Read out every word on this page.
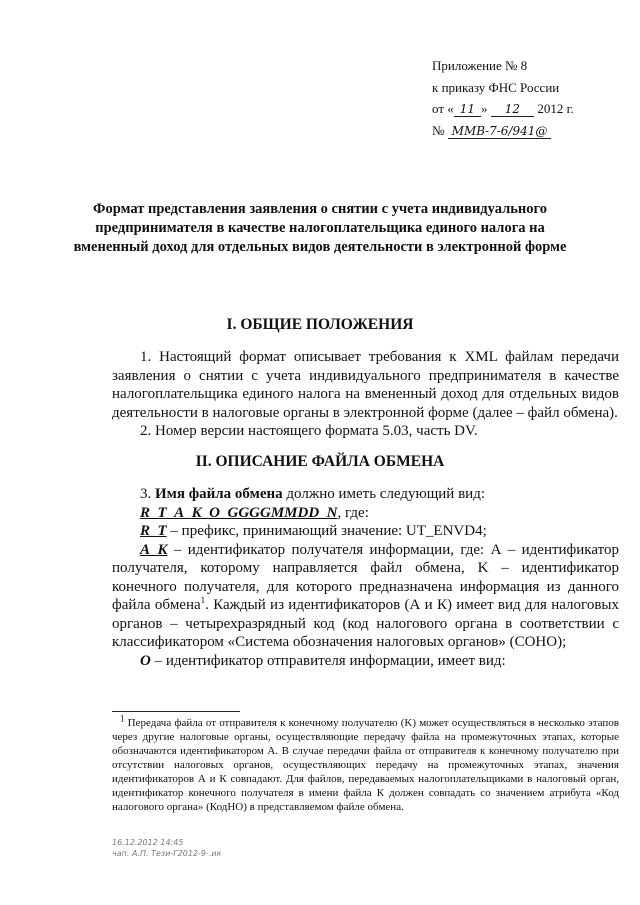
Приложение № 8
к приказу ФНС России
от « 11 » 12 2012 г.
№ ММВ-7-6/941@
Формат представления заявления о снятии с учета индивидуального предпринимателя в качестве налогоплательщика единого налога на вмененный доход для отдельных видов деятельности в электронной форме
I. ОБЩИЕ ПОЛОЖЕНИЯ

1. Настоящий формат описывает требования к XML файлам передачи заявления о снятии с учета индивидуального предпринимателя в качестве налогоплательщика единого налога на вмененный доход для отдельных видов деятельности в налоговые органы в электронной форме (далее – файл обмена).

2. Номер версии настоящего формата 5.03, часть DV.

II. ОПИСАНИЕ ФАЙЛА ОБМЕНА

3. Имя файла обмена должно иметь следующий вид:

R_T_A_K_O_GGGGMMDD_N, где:

R_T – префикс, принимающий значение: UT_ENVD4;

A_K – идентификатор получателя информации, где: А – идентификатор получателя, которому направляется файл обмена, K – идентификатор конечного получателя, для которого предназначена информация из данного файла обмена$^1$. Каждый из идентификаторов (А и К) имеет вид для налоговых органов – четырехразрядный код (код налогового органа в соответствии с классификатором «Система обозначения налоговых органов» (СОНО);

O – идентификатор отправителя информации, имеет вид:

$^1$ Передача файла от отправителя к конечному получателю (K) может осуществляться в несколько этапов через другие налоговые органы, осуществляющие передачу файла на промежуточных этапах, которые обозначаются идентификатором А. В случае передачи файла от отправителя к конечному получателю при отсутствии налоговых органов, осуществляющих передачу на промежуточных этапах, значения идентификаторов А и К совпадают. Для файлов, передаваемых налогоплательщиками в налоговый орган, идентификатор конечного получателя в имени файла К должен совпадать со значением атрибута «Код налогового органа» (КодНО) в представляемом файле обмена.
16.12.2012 14:45
чап. А.П. Тези-Г2012-9-.ик
